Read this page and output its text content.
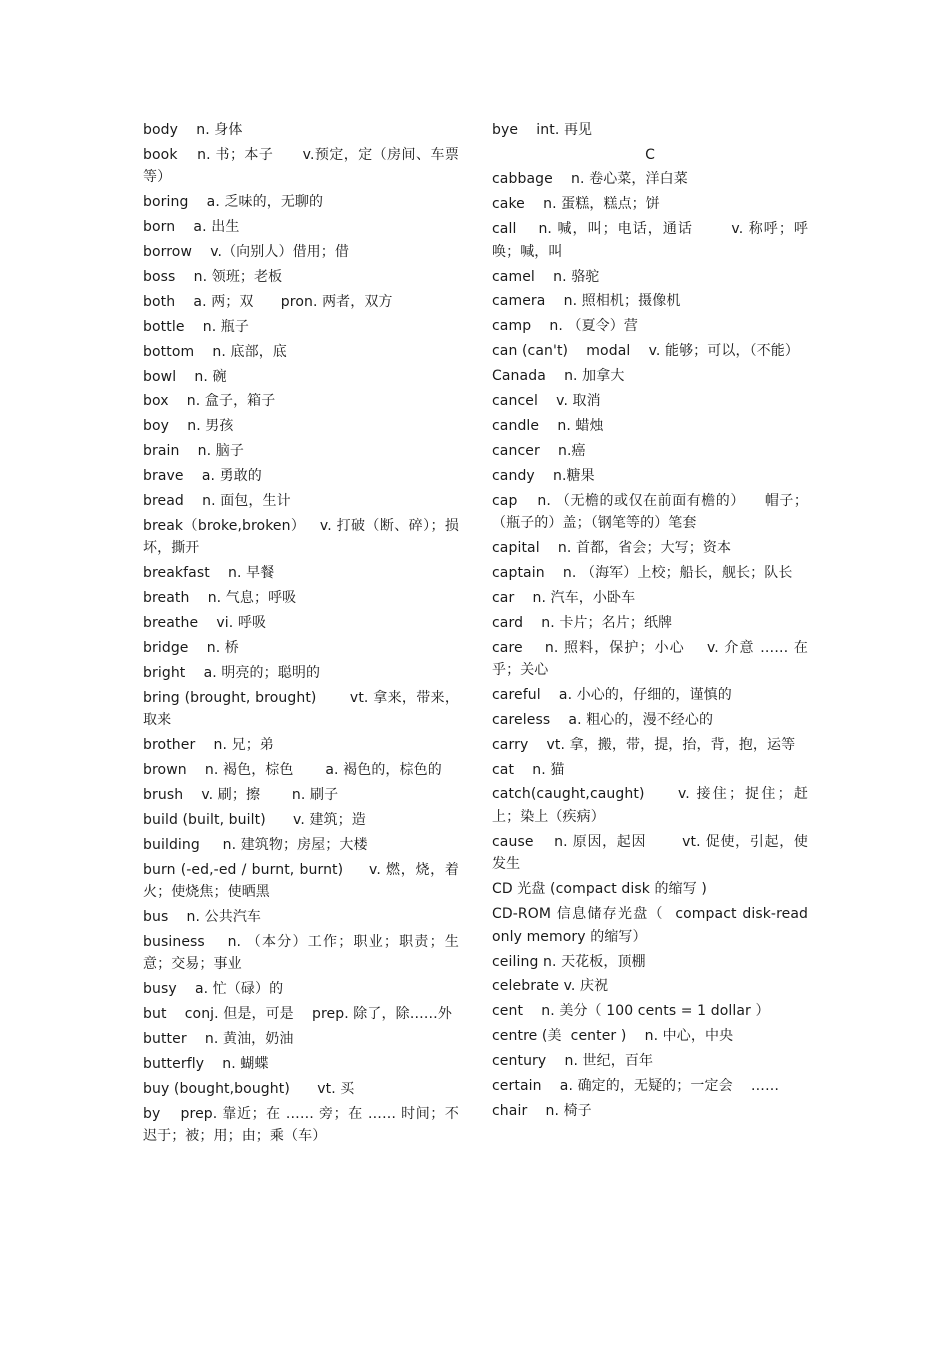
body    n. 身体
book    n. 书；本子      v.预定，定（房间、车票等）
boring    a. 乏味的，无聊的
born    a. 出生
borrow    v.（向别人）借用；借
boss    n. 领班；老板
both    a. 两；双      pron. 两者，双方
bottle    n. 瓶子
bottom    n. 底部，底
bowl    n. 碗
box    n. 盒子，箱子
boy    n. 男孩
brain    n. 脑子
brave    a. 勇敢的
bread    n. 面包，生计
break（broke,broken）   v. 打破（断、碎）；损坏，撕开
breakfast    n. 早餐
breath    n. 气息；呼吸
breathe    vi. 呼吸
bridge    n. 桥
bright    a. 明亮的；聪明的
bring (brought, brought)       vt. 拿来，带来，取来
brother    n. 兄；弟
brown    n. 褐色，棕色       a. 褐色的，棕色的
brush    v. 刷；擦       n. 刷子
build (built, built)      v. 建筑；造
building     n. 建筑物；房屋；大楼
burn (-ed,-ed / burnt, burnt)     v. 燃，烧，着火；使烧焦；使晒黑
bus    n. 公共汽车
business    n. （本分）工作；职业；职责；生意；交易；事业
busy    a. 忙（碌）的
but    conj. 但是，可是    prep. 除了，除……外
butter    n. 黄油，奶油
butterfly    n. 蝴蝶
buy (bought,bought)      vt. 买
by    prep. 靠近；在 …… 旁；在 …… 时间；不迟于；被；用；由；乘（车）
bye    int. 再见
C
cabbage    n. 卷心菜，洋白菜
cake    n. 蛋糕，糕点；饼
call    n. 喊，叫；电话，通话       v. 称呼；呼唤；喊，叫
camel    n. 骆驼
camera    n. 照相机；摄像机
camp    n. （夏令）营
can (can't)    modal    v. 能够；可以，（不能）
Canada    n. 加拿大
cancel    v. 取消
candle    n. 蜡烛
cancer    n.癌
candy    n.糖果
cap    n. （无檐的或仅在前面有檐的）    帽子；（瓶子的）盖；（钢笔等的）笔套
capital    n. 首都，省会；大写；资本
captain    n. （海军）上校；船长，舰长；队长
car    n. 汽车，小卧车
card    n. 卡片；名片；纸牌
care    n. 照料，保护；小心    v. 介意 …… 在乎；关心
careful    a. 小心的，仔细的，谨慎的
careless    a. 粗心的，漫不经心的
carry    vt. 拿，搬，带，提，抬，背，抱，运等
cat    n. 猫
catch(caught,caught)     v. 接住；捉住；赶上；染上（疾病）
cause    n. 原因，起因       vt. 促使，引起，使发生
CD 光盘 (compact disk 的缩写 )
CD-ROM 信息储存光盘（  compact disk-read only memory 的缩写）
ceiling n. 天花板，顶棚
celebrate v. 庆祝
cent    n. 美分（ 100 cents = 1 dollar ）
centre (美  center )    n. 中心，中央
century    n. 世纪，百年
certain    a. 确定的，无疑的；一定会    ……
chair    n. 椅子
